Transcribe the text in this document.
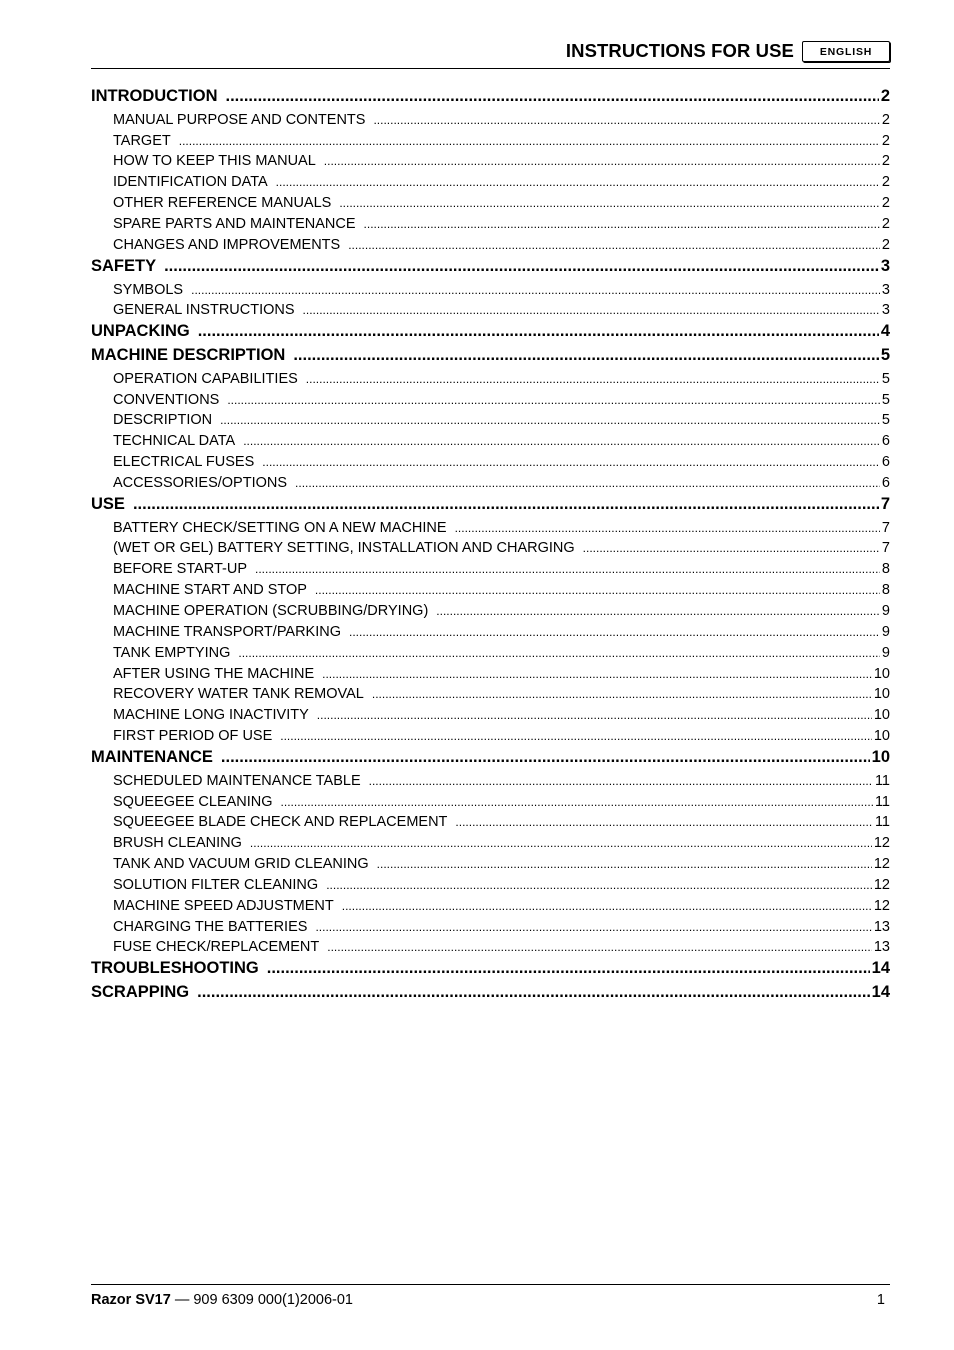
INSTRUCTIONS FOR USE	ENGLISH
INTRODUCTION .....	2
MANUAL PURPOSE AND CONTENTS .....	2
TARGET .....	2
HOW TO KEEP THIS MANUAL .....	2
IDENTIFICATION DATA .....	2
OTHER REFERENCE MANUALS .....	2
SPARE PARTS AND MAINTENANCE .....	2
CHANGES AND IMPROVEMENTS .....	2
SAFETY .....	3
SYMBOLS .....	3
GENERAL INSTRUCTIONS .....	3
UNPACKING .....	4
MACHINE DESCRIPTION .....	5
OPERATION CAPABILITIES .....	5
CONVENTIONS .....	5
DESCRIPTION .....	5
TECHNICAL DATA .....	6
ELECTRICAL FUSES .....	6
ACCESSORIES/OPTIONS .....	6
USE .....	7
BATTERY CHECK/SETTING ON A NEW MACHINE .....	7
(WET OR GEL) BATTERY SETTING, INSTALLATION AND CHARGING .....	7
BEFORE START-UP .....	8
MACHINE START AND STOP .....	8
MACHINE OPERATION (SCRUBBING/DRYING) .....	9
MACHINE TRANSPORT/PARKING .....	9
TANK EMPTYING .....	9
AFTER USING THE MACHINE .....	10
RECOVERY WATER TANK REMOVAL .....	10
MACHINE LONG INACTIVITY .....	10
FIRST PERIOD OF USE .....	10
MAINTENANCE .....	10
SCHEDULED MAINTENANCE TABLE .....	11
SQUEEGEE CLEANING .....	11
SQUEEGEE BLADE CHECK AND REPLACEMENT .....	11
BRUSH CLEANING .....	12
TANK AND VACUUM GRID CLEANING .....	12
SOLUTION FILTER CLEANING .....	12
MACHINE SPEED ADJUSTMENT .....	12
CHARGING THE BATTERIES .....	13
FUSE CHECK/REPLACEMENT .....	13
TROUBLESHOOTING .....	14
SCRAPPING .....	14
Razor SV17 — 909 6309 000(1)2006-01	1
